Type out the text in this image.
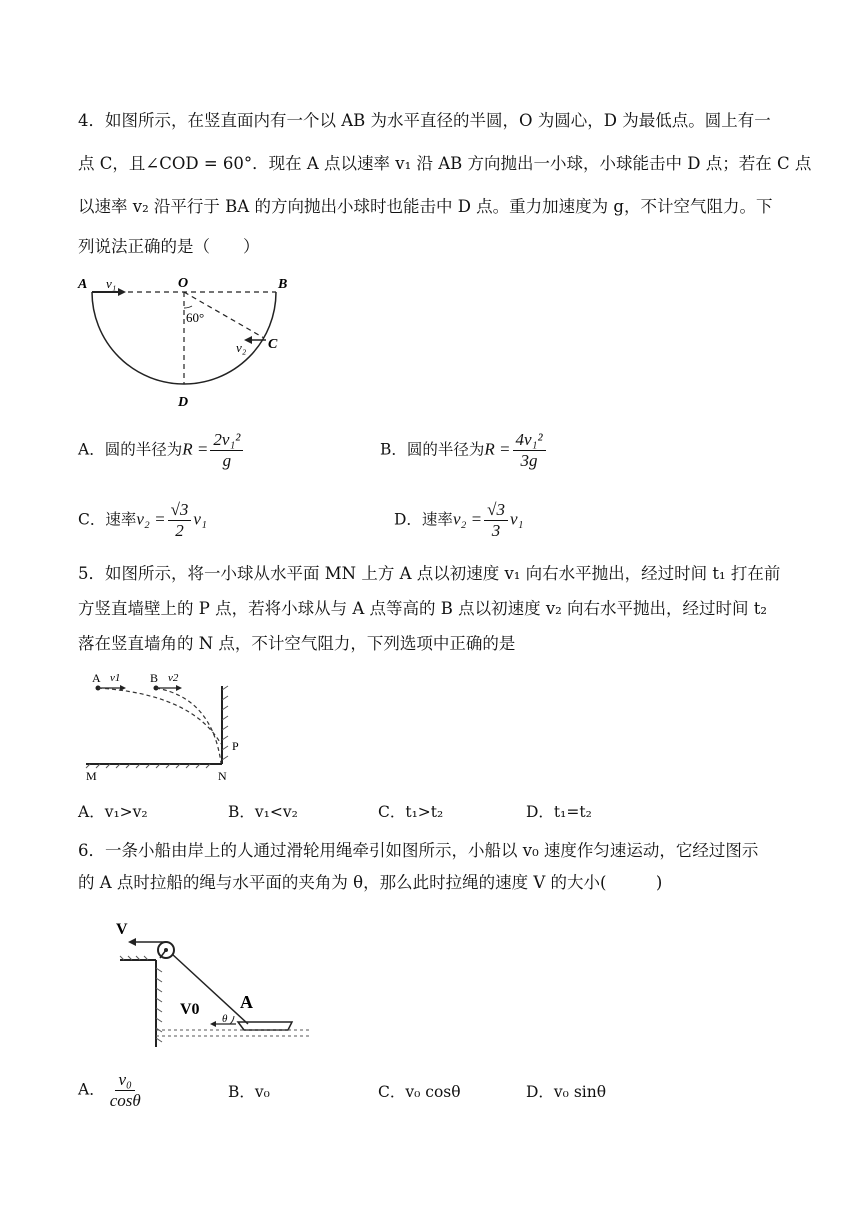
4．如图所示，在竖直面内有一个以 AB 为水平直径的半圆，O 为圆心，D 为最低点。圆上有一
点 C，且∠COD = 60°．现在 A 点以速率 v₁ 沿 AB 方向抛出一小球，小球能击中 D 点；若在 C 点
以速率 v₂ 沿平行于 BA 的方向抛出小球时也能击中 D 点。重力加速度为 g，不计空气阻力。下
列说法正确的是（　　）
A v₁	O	B
60°
v₂ C
D
A．圆的半径为$R = \frac{\text{2v₁²}}{g}$	B．圆的半径为$R = \frac{\text{4v₁²}}{3g}$
C．速率$v_2 = \frac{√3}{2} v_1$	D．速率$v_2 = \frac{√3}{3} v_1$
5．如图所示，将一小球从水平面 MN 上方 A 点以初速度 v₁ 向右水平抛出，经过时间 t₁ 打在前
方竖直墙壁上的 P 点，若将小球从与 A 点等高的 B 点以初速度 v₂ 向右水平抛出，经过时间 t₂
落在竖直墙角的 N 点，不计空气阻力，下列选项中正确的是
A v1 B v2
P
M	N
A．v₁>v₂	B．v₁<v₂	C．t₁>t₂	D．t₁=t₂
6．一条小船由岸上的人通过滑轮用绳牵引如图所示，小船以 v₀ 速度作匀速运动，它经过图示
的 A 点时拉船的绳与水平面的夹角为 θ，那么此时拉绳的速度 V 的大小(　　　)
V
V0 A
θ
A． $\frac{\text{v₀}}{\cos\theta}$	B．v₀	C．v₀ cosθ	D．v₀ sinθ
